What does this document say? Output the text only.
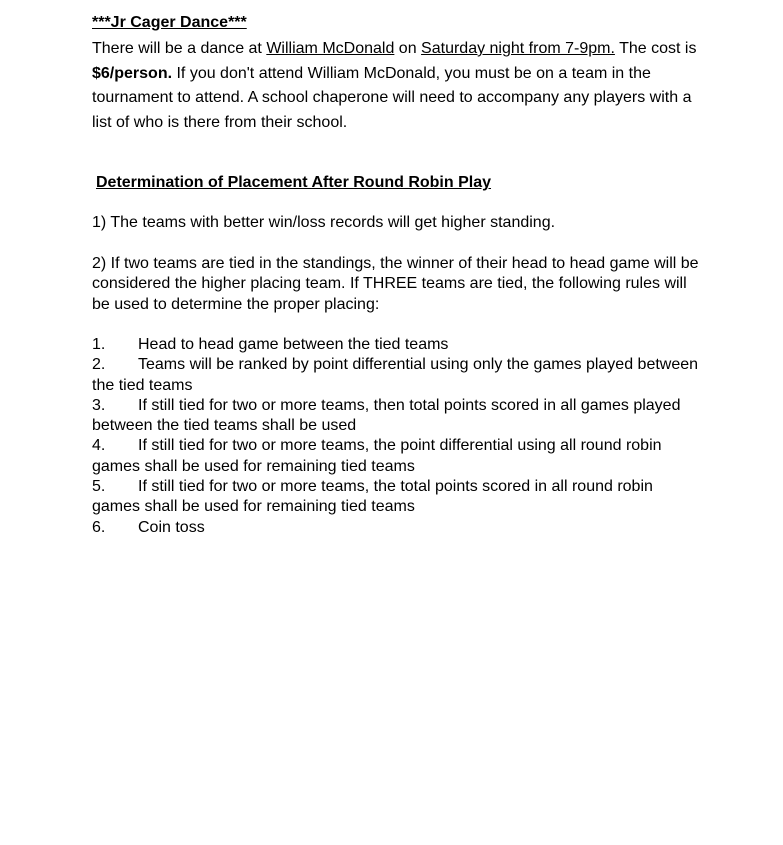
***Jr Cager Dance***
There will be a dance at William McDonald on Saturday night from 7-9pm. The cost is $6/person. If you don't attend William McDonald, you must be on a team in the tournament to attend. A school chaperone will need to accompany any players with a list of who is there from their school.
Determination of Placement After Round Robin Play
1) The teams with better win/loss records will get higher standing.
2) If two teams are tied in the standings, the winner of their head to head game will be considered the higher placing team. If THREE teams are tied, the following rules will be used to determine the proper placing:
1. Head to head game between the tied teams
2. Teams will be ranked by point differential using only the games played between the tied teams
3. If still tied for two or more teams, then total points scored in all games played between the tied teams shall be used
4. If still tied for two or more teams, the point differential using all round robin games shall be used for remaining tied teams
5. If still tied for two or more teams, the total points scored in all round robin games shall be used for remaining tied teams
6. Coin toss
